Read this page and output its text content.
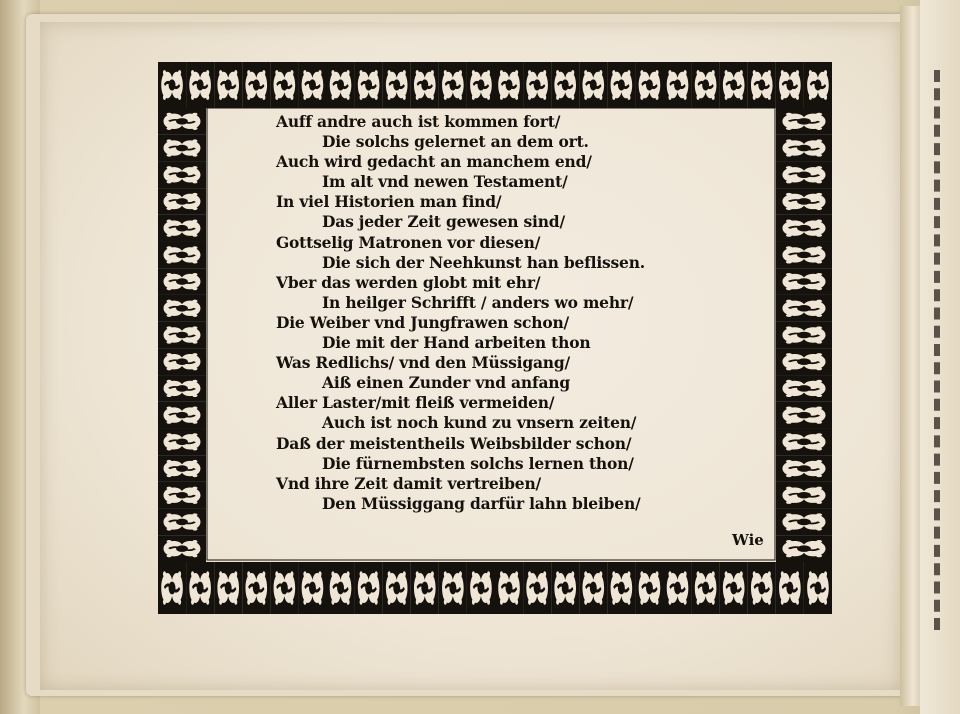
Auff andre auch ist kommen fort/
Die solchs gelernet an dem ort.
Auch wird gedacht an manchem end/
Im alt vnd newen Testament/
In viel Historien man find/
Das jeder Zeit gewesen sind/
Gottselig Matronen vor diesen/
Die sich der Neehkunst han beflissen.
Vber das werden globt mit ehr/
In heilger Schrifft / anders wo mehr/
Die Weiber vnd Jungfrawen schon/
Die mit der Hand arbeiten thon
Was Redlichs/ vnd den Müssigang/
Aiß einen Zunder vnd anfang
Aller Laster/mit fleiß vermeiden/
Auch ist noch kund zu vnsern zeiten/
Daß der meistentheils Weibsbilder schon/
Die fürnembsten solchs lernen thon/
Vnd ihre Zeit damit vertreiben/
Den Müssiggang darfür lahn bleiben/
Wie
